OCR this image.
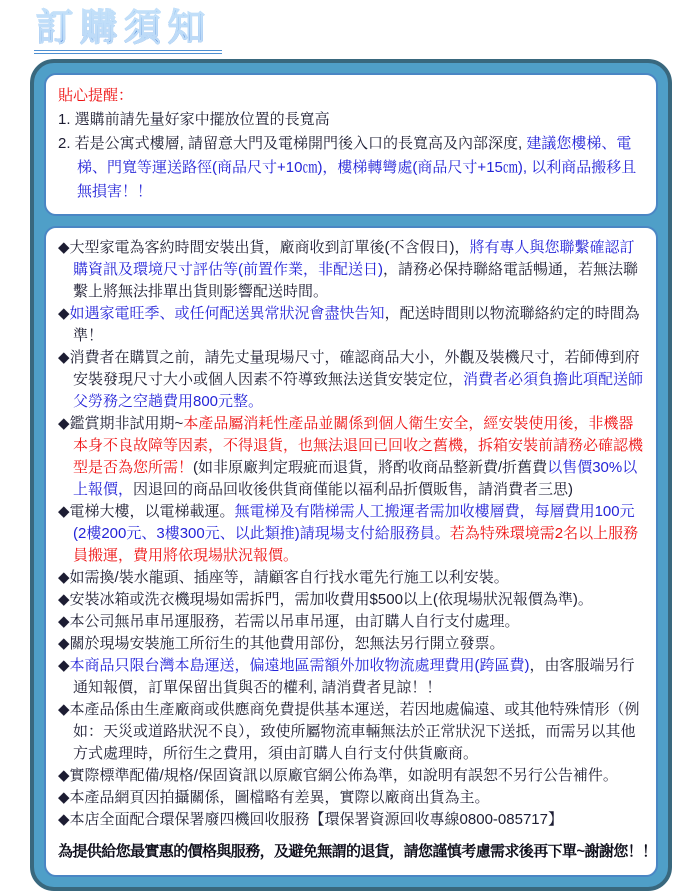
訂購須知
貼心提醒：
1. 選購前請先量好家中擺放位置的長寬高
2. 若是公寓式樓層, 請留意大門及電梯開門後入口的長寬高及內部深度, 建議您樓梯、電梯、門寬等運送路徑(商品尺寸+10㎝)，樓梯轉彎處(商品尺寸+15㎝), 以利商品搬移且無損害！！
◆大型家電為客約時間安裝出貨，廠商收到訂單後(不含假日)，將有專人與您聯繫確認訂購資訊及環境尺寸評估等(前置作業，非配送日)，請務必保持聯絡電話暢通，若無法聯繫上將無法排單出貨則影響配送時間。
◆如遇家電旺季、或任何配送異常狀況會盡快告知，配送時間則以物流聯絡約定的時間為準！
◆消費者在購買之前，請先丈量現場尺寸，確認商品大小，外觀及裝機尺寸，若師傅到府安裝發現尺寸大小或個人因素不符導致無法送貨安裝定位，消費者必須負擔此項配送師父勞務之空趟費用800元整。
◆鑑賞期非試用期~本產品屬消耗性產品並關係到個人衛生安全，經安裝使用後，非機器本身不良故障等因素，不得退貨，也無法退回已回收之舊機，拆箱安裝前請務必確認機型是否為您所需！(如非原廠判定瑕疵而退貨，將酌收商品整新費/折舊費以售價30%以上報價，因退回的商品回收後供貨商僅能以福利品折價販售，請消費者三思)
◆電梯大樓，以電梯載運。無電梯及有階梯需人工搬運者需加收樓層費，每層費用100元(2樓200元、3樓300元、以此類推)請現場支付給服務員。若為特殊環境需2名以上服務員搬運，費用將依現場狀況報價。
◆如需換/裝水龍頭、插座等，請顧客自行找水電先行施工以利安裝。
◆安裝冰箱或洗衣機現場如需拆門，需加收費用$500以上(依現場狀況報價為準)。
◆本公司無吊車吊運服務，若需以吊車吊運，由訂購人自行支付處理。
◆關於現場安裝施工所衍生的其他費用部份，恕無法另行開立發票。
◆本商品只限台灣本島運送，偏遠地區需額外加收物流處理費用(跨區費)，由客服端另行通知報價，訂單保留出貨與否的權利, 請消費者見諒！！
◆本產品係由生產廠商或供應商免費提供基本運送，若因地處偏遠、或其他特殊情形（例如：天災或道路狀況不良），致使所屬物流車輛無法於正常狀況下送抵，而需另以其他方式處理時，所衍生之費用，須由訂購人自行支付供貨廠商。
◆實際標準配備/規格/保固資訊以原廠官網公佈為準，如說明有誤恕不另行公告補件。
◆本產品網頁因拍攝關係，圖檔略有差異，實際以廠商出貨為主。
◆本店全面配合環保署廢四機回收服務【環保署資源回收專線0800-085717】
為提供給您最實惠的價格與服務，及避免無謂的退貨，請您謹慎考慮需求後再下單~謝謝您！！
